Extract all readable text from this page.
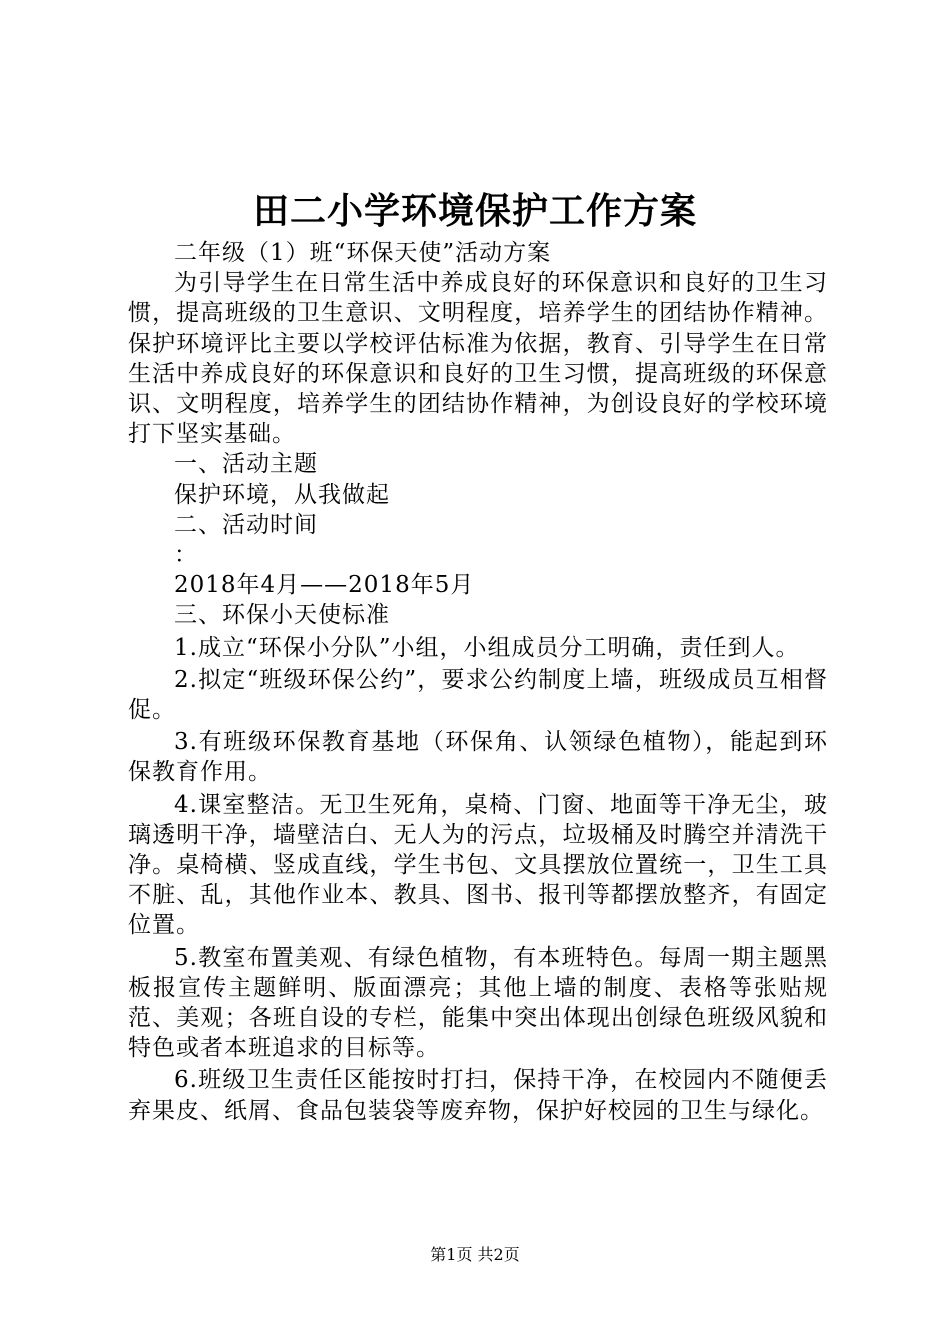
田二小学环境保护工作方案

二年级（1）班“环保天使”活动方案

为引导学生在日常生活中养成良好的环保意识和良好的卫生习惯，提高班级的卫生意识、文明程度，培养学生的团结协作精神。保护环境评比主要以学校评估标准为依据，教育、引导学生在日常生活中养成良好的环保意识和良好的卫生习惯，提高班级的环保意识、文明程度，培养学生的团结协作精神，为创设良好的学校环境打下坚实基础。

一、活动主题

保护环境，从我做起

二、活动时间

：

2018年4月——2018年5月

三、环保小天使标准

1.成立“环保小分队”小组，小组成员分工明确，责任到人。

2.拟定“班级环保公约”，要求公约制度上墙，班级成员互相督促。

3.有班级环保教育基地（环保角、认领绿色植物），能起到环保教育作用。

4.课室整洁。无卫生死角，桌椅、门窗、地面等干净无尘，玻璃透明干净，墙壁洁白、无人为的污点，垃圾桶及时腾空并清洗干净。桌椅横、竖成直线，学生书包、文具摆放位置统一，卫生工具不脏、乱，其他作业本、教具、图书、报刊等都摆放整齐，有固定位置。

5.教室布置美观、有绿色植物，有本班特色。每周一期主题黑板报宣传主题鲜明、版面漂亮；其他上墙的制度、表格等张贴规范、美观；各班自设的专栏，能集中突出体现出创绿色班级风貌和特色或者本班追求的目标等。

6.班级卫生责任区能按时打扫，保持干净，在校园内不随便丢弃果皮、纸屑、食品包装袋等废弃物，保护好校园的卫生与绿化。

第1页 共2页
